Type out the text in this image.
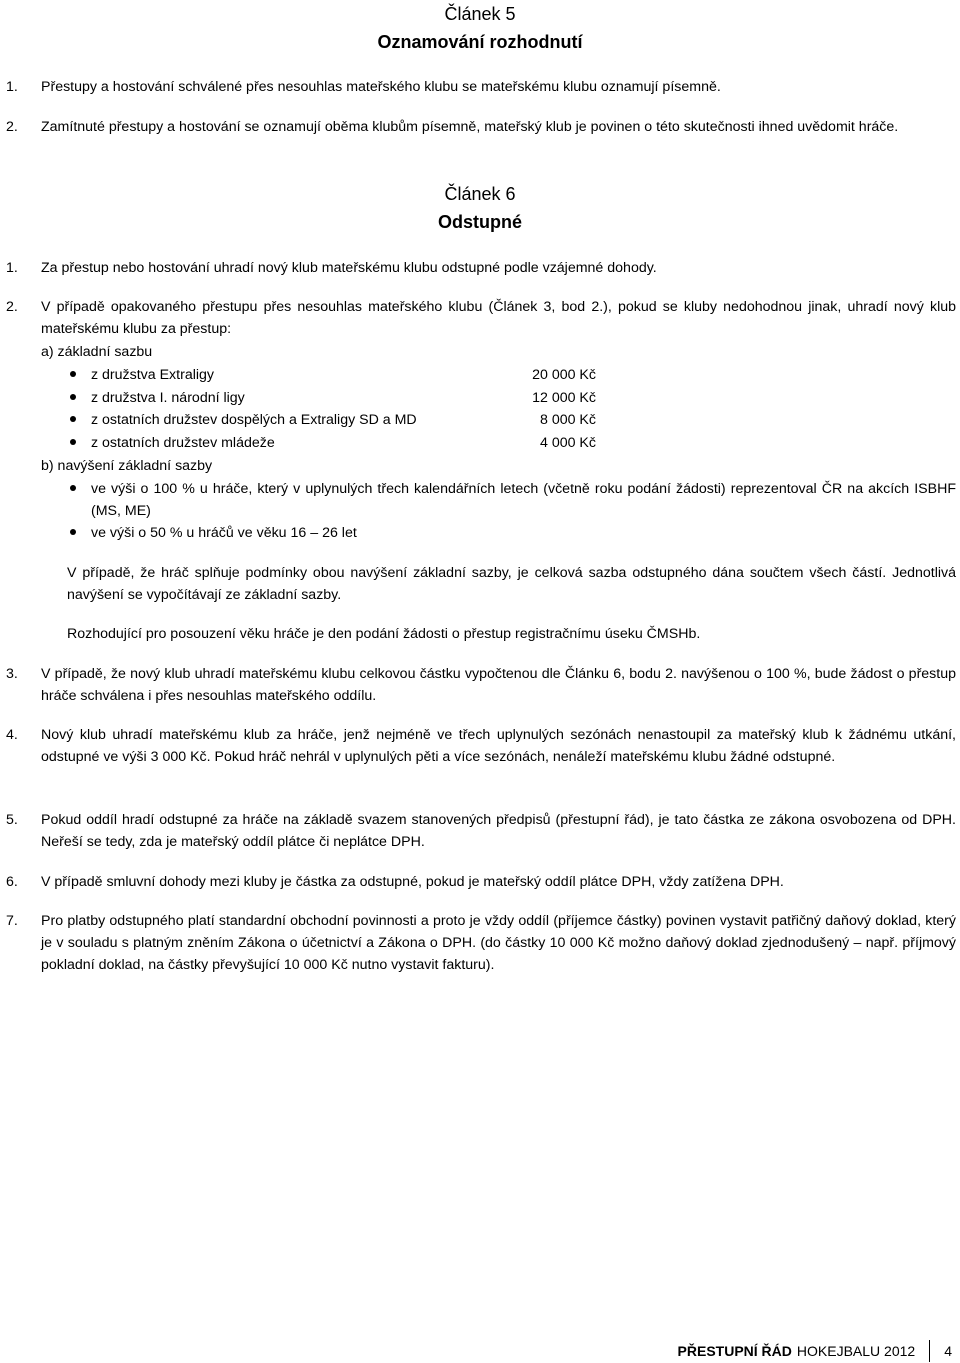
Článek 5
Oznamování rozhodnutí
1. Přestupy a hostování schválené přes nesouhlas mateřského klubu se mateřskému klubu oznamují písemně.
2. Zamítnuté přestupy a hostování se oznamují oběma klubům písemně, mateřský klub je povinen o této skutečnosti ihned uvědomit hráče.
Článek 6
Odstupné
1. Za přestup nebo hostování uhradí nový klub mateřskému klubu odstupné podle vzájemné dohody.
2. V případě opakovaného přestupu přes nesouhlas mateřského klubu (Článek 3, bod 2.), pokud se kluby nedohodnou jinak, uhradí nový klub mateřskému klubu za přestup:
a) základní sazbu
z družstva Extraligy	20 000 Kč
z družstva I. národní ligy	12 000 Kč
z ostatních družstev dospělých a Extraligy SD a MD	8 000 Kč
z ostatních družstev mládeže	4 000 Kč
b) navýšení základní sazby
ve výši o 100 % u hráče, který v uplynulých třech kalendářních letech (včetně roku podání žádosti) reprezentoval ČR na akcích ISBHF (MS, ME)
ve výši o 50 % u hráčů ve věku 16 – 26 let
V případě, že hráč splňuje podmínky obou navýšení základní sazby, je celková sazba odstupného dána součtem všech částí. Jednotlivá navýšení se vypočítávají ze základní sazby.
Rozhodující pro posouzení věku hráče je den podání žádosti o přestup registračnímu úseku ČMSHb.
3. V případě, že nový klub uhradí mateřskému klubu celkovou částku vypočtenou dle Článku 6, bodu 2. navýšenou o 100 %, bude žádost o přestup hráče schválena i přes nesouhlas mateřského oddílu.
4. Nový klub uhradí mateřskému klub za hráče, jenž nejméně ve třech uplynulých sezónách nenastoupil za mateřský klub k žádnému utkání, odstupné ve výši 3 000 Kč. Pokud hráč nehrál v uplynulých pěti a více sezónách, nenáleží mateřskému klubu žádné odstupné.
5. Pokud oddíl hradí odstupné za hráče na základě svazem stanovených předpisů (přestupní řád), je tato částka ze zákona osvobozena od DPH. Neřeší se tedy, zda je mateřský oddíl plátce či neplátce DPH.
6. V případě smluvní dohody mezi kluby je částka za odstupné, pokud je mateřský oddíl plátce DPH, vždy zatížena DPH.
7. Pro platby odstupného platí standardní obchodní povinnosti a proto je vždy oddíl (příjemce částky) povinen vystavit patřičný daňový doklad, který je v souladu s platným zněním Zákona o účetnictví a Zákona o DPH. (do částky 10 000 Kč možno daňový doklad zjednodušený – např. příjmový pokladní doklad, na částky převyšující 10 000 Kč nutno vystavit fakturu).
PŘESTUPNÍ ŘÁD HOKEJBALU 2012 4
